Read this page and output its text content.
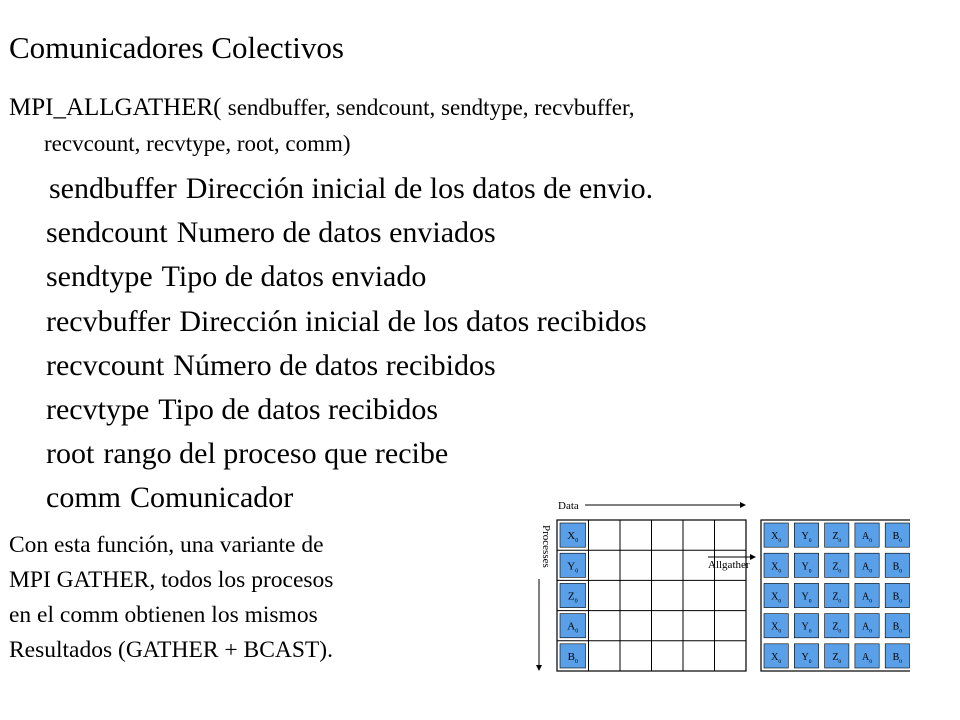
Comunicadores Colectivos
MPI_ALLGATHER( sendbuffer, sendcount, sendtype, recvbuffer,
recvcount, recvtype, root, comm)
sendbuffer Dirección inicial de los datos de envio.
sendcount Numero de datos enviados
sendtype Tipo de datos enviado
recvbuffer Dirección inicial de los datos recibidos
recvcount Número de datos recibidos
recvtype Tipo de datos recibidos
root rango del proceso que recibe
comm Comunicador
Con esta función, una variante de
MPI GATHER, todos los procesos
en el comm obtienen los mismos
Resultados (GATHER + BCAST).
Data
Processes $X_0$
$Y_0$
$Z_0$
$A_0$
$B_0$
Allgather
$X_0$ $Y_0$ $Z_0$ $A_0$ $B_0$
$X_0$ $Y_0$ $Z_0$ $A_0$ $B_0$
$X_0$ $Y_0$ $Z_0$ $A_0$ $B_0$
$X_0$ $Y_0$ $Z_0$ $A_0$ $B_0$
$X_0$ $Y_0$ $Z_0$ $A_0$ $B_0$
